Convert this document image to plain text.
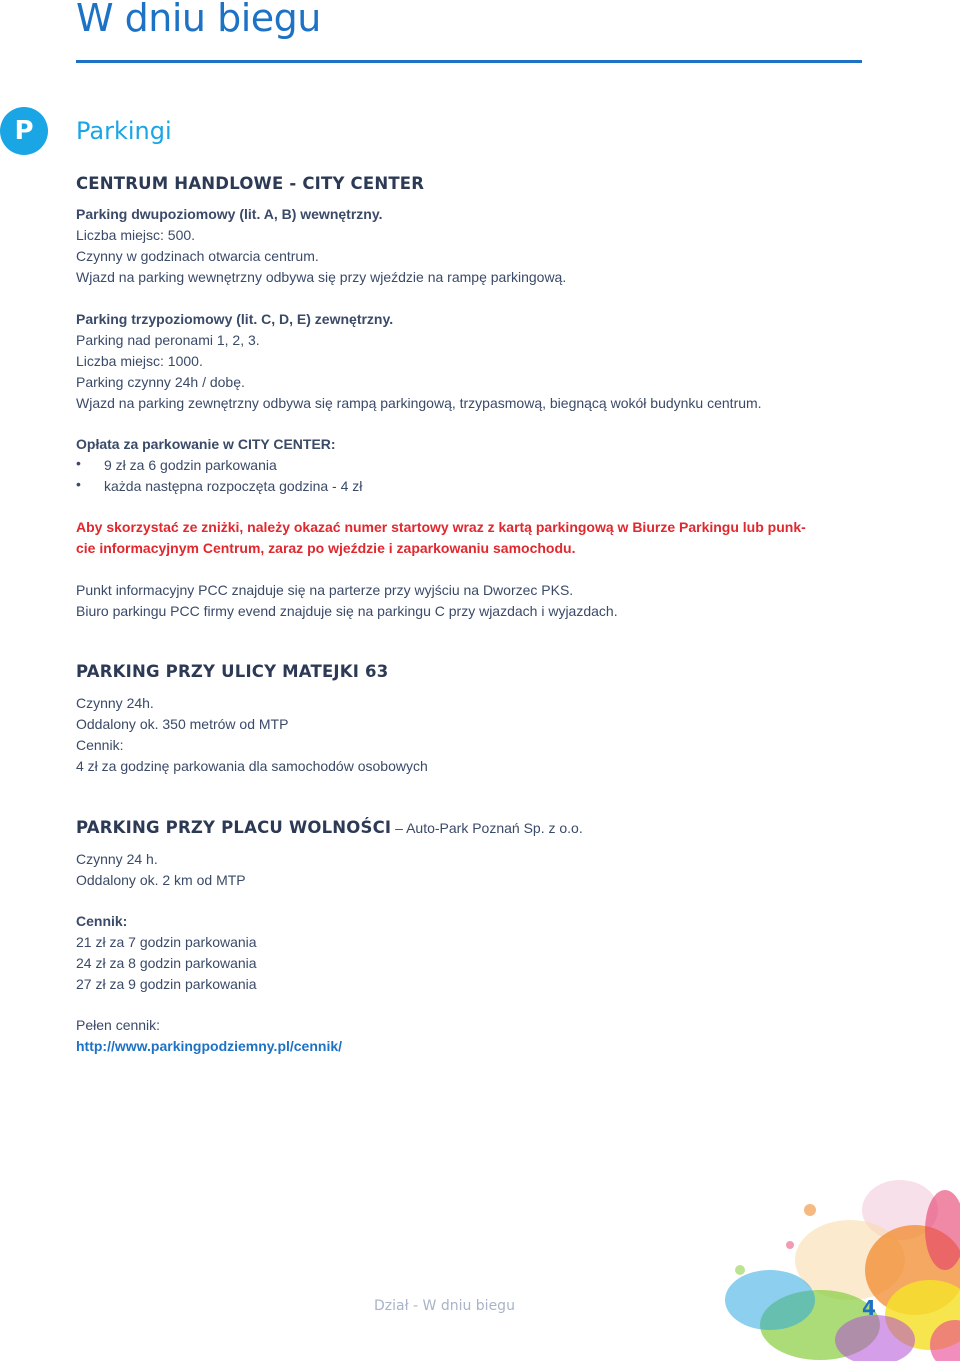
W dniu biegu
P	Parkingi
CENTRUM HANDLOWE - CITY CENTER
Parking dwupoziomowy (lit. A, B) wewnętrzny.
Liczba miejsc: 500.
Czynny w godzinach otwarcia centrum.
Wjazd na parking wewnętrzny odbywa się przy wjeździe na rampę parkingową.
Parking trzypoziomowy (lit. C, D, E) zewnętrzny.
Parking nad peronami 1, 2, 3.
Liczba miejsc: 1000.
Parking czynny 24h / dobę.
Wjazd na parking zewnętrzny odbywa się rampą parkingową, trzypasmową, biegnącą wokół budynku centrum.
Opłata za parkowanie w CITY CENTER:
• 9 zł za 6 godzin parkowania
• każda następna rozpoczęta godzina - 4 zł
Aby skorzystać ze zniżki, należy okazać numer startowy wraz z kartą parkingową w Biurze Parkingu lub punk-
cie informacyjnym Centrum, zaraz po wjeździe i zaparkowaniu samochodu.
Punkt informacyjny PCC znajduje się na parterze przy wyjściu na Dworzec PKS.
Biuro parkingu PCC firmy evend znajduje się na parkingu C przy wjazdach i wyjazdach.
PARKING PRZY ULICY MATEJKI 63
Czynny 24h.
Oddalony ok. 350 metrów od MTP
Cennik:
4 zł za godzinę parkowania dla samochodów osobowych
PARKING PRZY PLACU WOLNOŚCI – Auto-Park Poznań Sp. z o.o.
Czynny 24 h.
Oddalony ok. 2 km od MTP
Cennik:
21 zł za 7 godzin parkowania
24 zł za 8 godzin parkowania
27 zł za 9 godzin parkowania
Pełen cennik:
http://www.parkingpodziemny.pl/cennik/
Dział - W dniu biegu	4
